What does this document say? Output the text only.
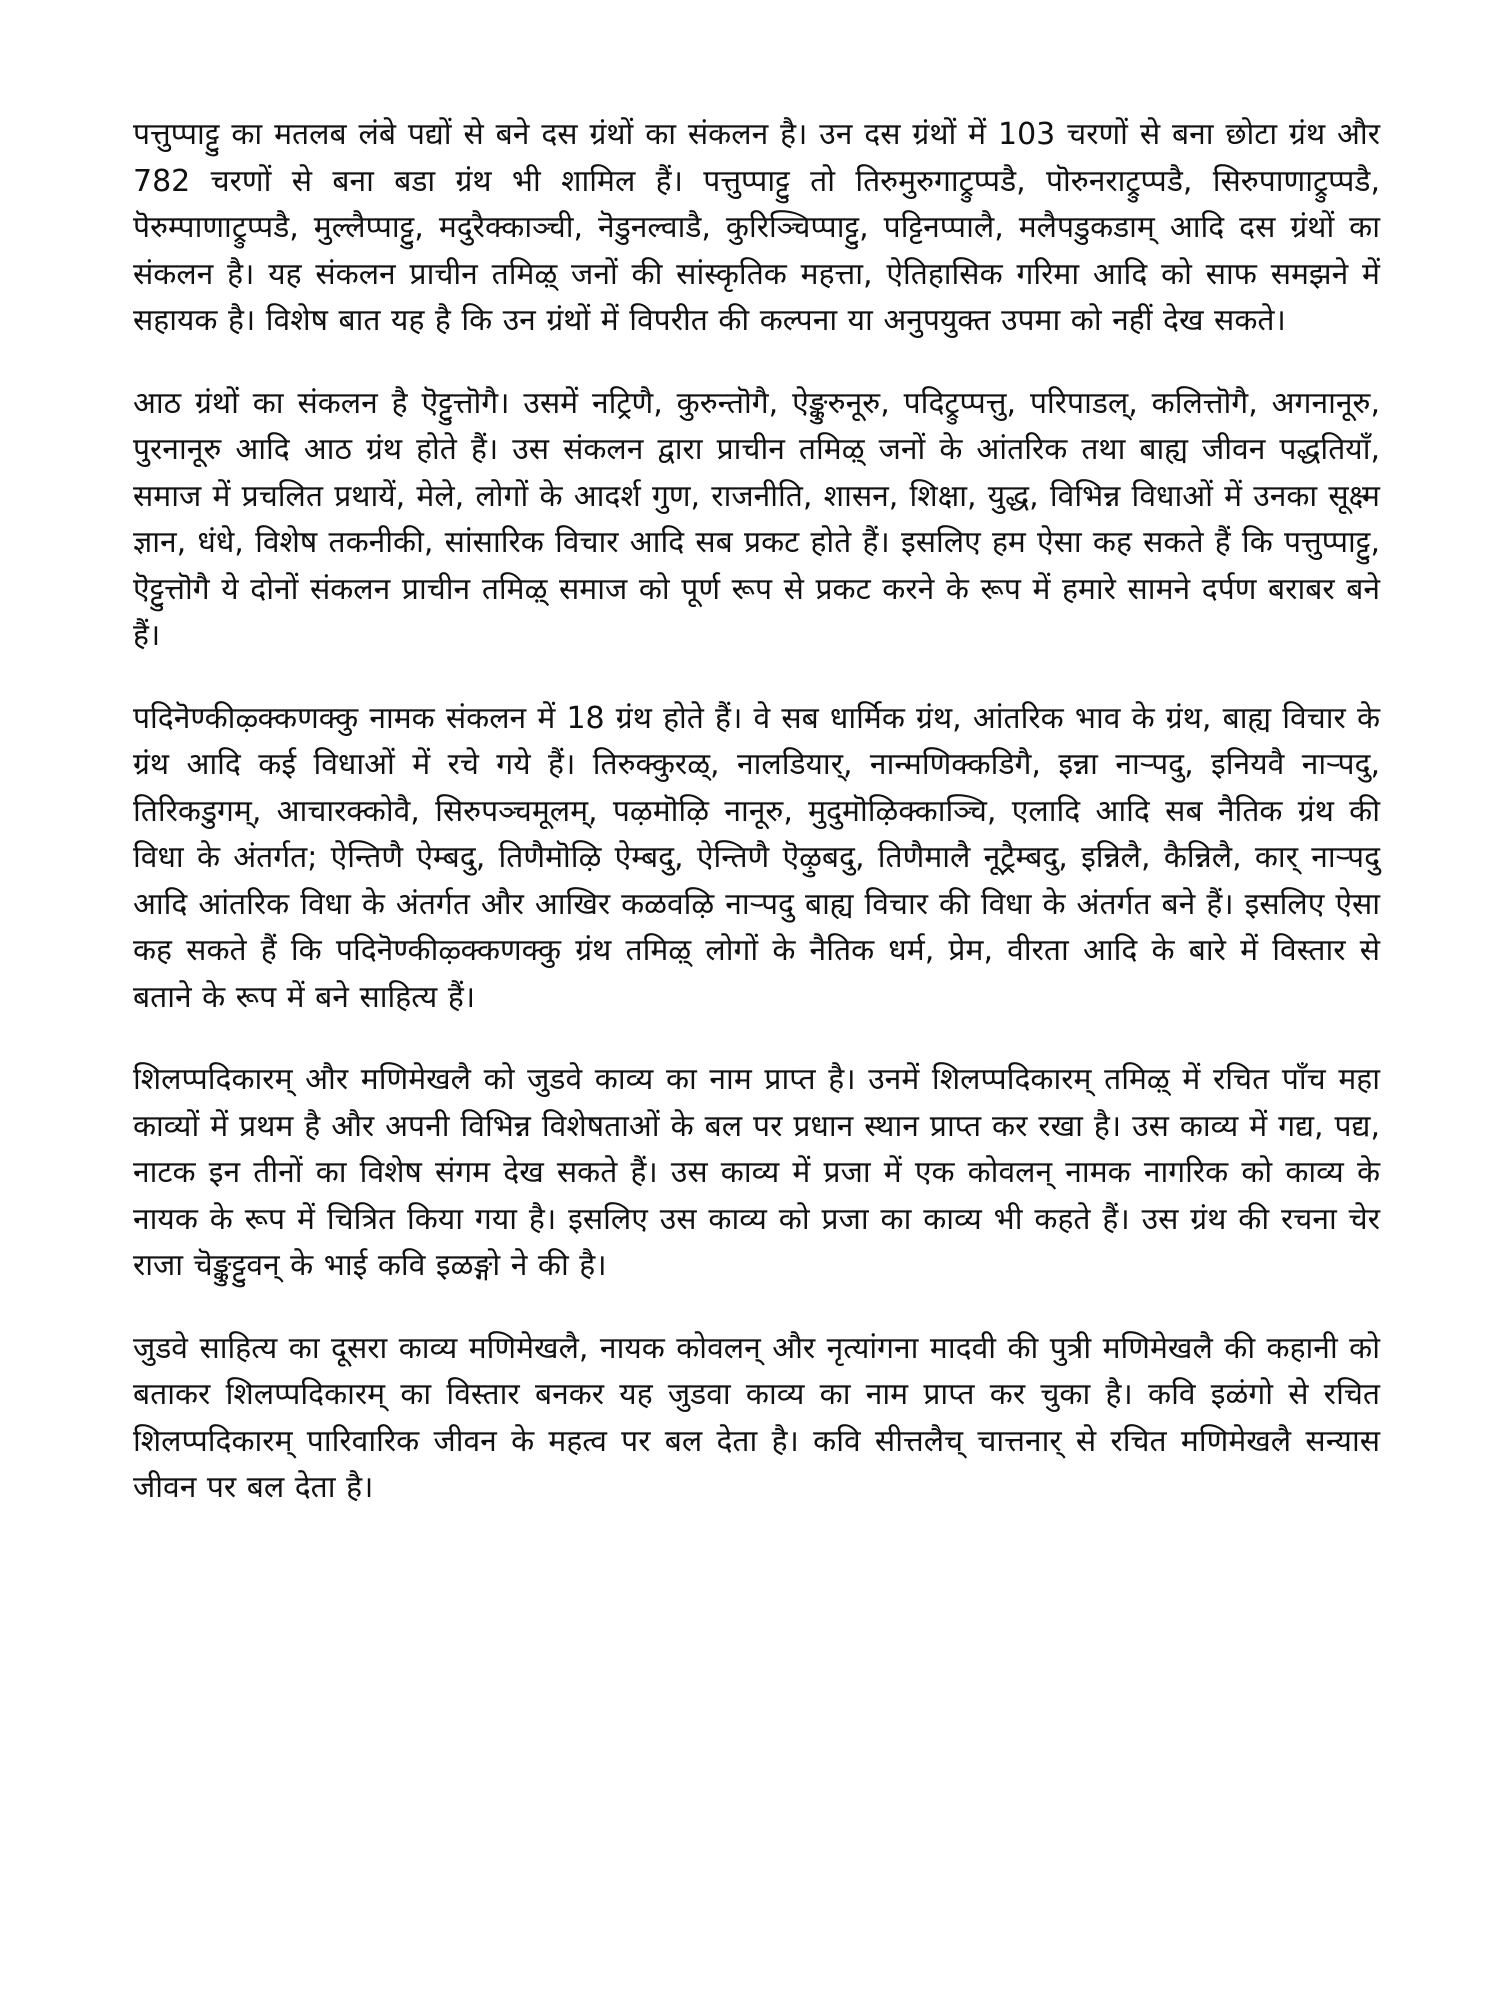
पत्तुप्पाट्टु का मतलब लंबे पद्यों से बने दस ग्रंथों का संकलन है। उन दस ग्रंथों में 103 चरणों से बना छोटा ग्रंथ और 782 चरणों से बना बडा ग्रंथ भी शामिल हैं। पत्तुप्पाट्टु तो तिरुमुरुगाट्रुप्पडै, पॊरुनराट्रुप्पडै, सिरुपाणाट्रुप्पडै, पॆरुम्पाणाट्रुप्पडै, मुल्लैप्पाट्टु, मदुरैक्काञ्ची, नॆडुनल्वाडै, कुरिञ्चिप्पाट्टु, पट्टिनप्पालै, मलैपडुकडाम् आदि दस ग्रंथों का संकलन है। यह संकलन प्राचीन तमिऴ् जनों की सांस्कृतिक महत्ता, ऐतिहासिक गरिमा आदि को साफ समझने में सहायक है। विशेष बात यह है कि उन ग्रंथों में विपरीत की कल्पना या अनुपयुक्त उपमा को नहीं देख सकते।

आठ ग्रंथों का संकलन है ऎट्टुत्तॊगै। उसमें नट्रिणै, कुरुन्तॊगै, ऐङ्कुरुनूरु, पदिट्रुप्पत्तु, परिपाडल्, कलित्तॊगै, अगनानूरु, पुरनानूरु आदि आठ ग्रंथ होते हैं। उस संकलन द्वारा प्राचीन तमिऴ् जनों के आंतरिक तथा बाह्य जीवन पद्धतियाँ, समाज में प्रचलित प्रथायें, मेले, लोगों के आदर्श गुण, राजनीति, शासन, शिक्षा, युद्ध, विभिन्न विधाओं में उनका सूक्ष्म ज्ञान, धंधे, विशेष तकनीकी, सांसारिक विचार आदि सब प्रकट होते हैं। इसलिए हम ऐसा कह सकते हैं कि पत्तुप्पाट्टु, ऎट्टुत्तॊगै ये दोनों संकलन प्राचीन तमिऴ् समाज को पूर्ण रूप से प्रकट करने के रूप में हमारे सामने दर्पण बराबर बने हैं।

पदिनॆण्कीऴ्क्कणक्कु नामक संकलन में 18 ग्रंथ होते हैं। वे सब धार्मिक ग्रंथ, आंतरिक भाव के ग्रंथ, बाह्य विचार के ग्रंथ आदि कई विधाओं में रचे गये हैं। तिरुक्कुरळ्, नालडियार्, नान्मणिक्कडिगै, इन्ना नाऱ्पदु, इनियवै नाऱ्पदु, तिरिकडुगम्, आचारक्कोवै, सिरुपञ्चमूलम्, पऴमॊऴि नानूरु, मुदुमॊऴिक्काञ्चि, एलादि आदि सब नैतिक ग्रंथ की विधा के अंतर्गत; ऐन्तिणै ऐम्बदु, तिणैमॊऴि ऐम्बदु, ऐन्तिणै ऎऴुबदु, तिणैमालै नूट्रैम्बदु, इन्निलै, कैन्निलै, कार् नाऱ्पदु आदि आंतरिक विधा के अंतर्गत और आखिर कळवऴि नाऱ्पदु बाह्य विचार की विधा के अंतर्गत बने हैं। इसलिए ऐसा कह सकते हैं कि पदिनॆण्कीऴ्क्कणक्कु ग्रंथ तमिऴ् लोगों के नैतिक धर्म, प्रेम, वीरता आदि के बारे में विस्तार से बताने के रूप में बने साहित्य हैं।

शिलप्पदिकारम् और मणिमेखलै को जुडवे काव्य का नाम प्राप्त है। उनमें शिलप्पदिकारम् तमिऴ् में रचित पाँच महा काव्यों में प्रथम है और अपनी विभिन्न विशेषताओं के बल पर प्रधान स्थान प्राप्त कर रखा है। उस काव्य में गद्य, पद्य, नाटक इन तीनों का विशेष संगम देख सकते हैं। उस काव्य में प्रजा में एक कोवलन् नामक नागरिक को काव्य के नायक के रूप में चित्रित किया गया है। इसलिए उस काव्य को प्रजा का काव्य भी कहते हैं। उस ग्रंथ की रचना चेर राजा चॆङ्कुट्टुवन् के भाई कवि इळङ्गो ने की है।

जुडवे साहित्य का दूसरा काव्य मणिमेखलै, नायक कोवलन् और नृत्यांगना मादवी की पुत्री मणिमेखलै की कहानी को बताकर शिलप्पदिकारम् का विस्तार बनकर यह जुडवा काव्य का नाम प्राप्त कर चुका है। कवि इळंगो से रचित शिलप्पदिकारम् पारिवारिक जीवन के महत्व पर बल देता है। कवि सीत्तलैच् चात्तनार् से रचित मणिमेखलै सन्यास जीवन पर बल देता है।
